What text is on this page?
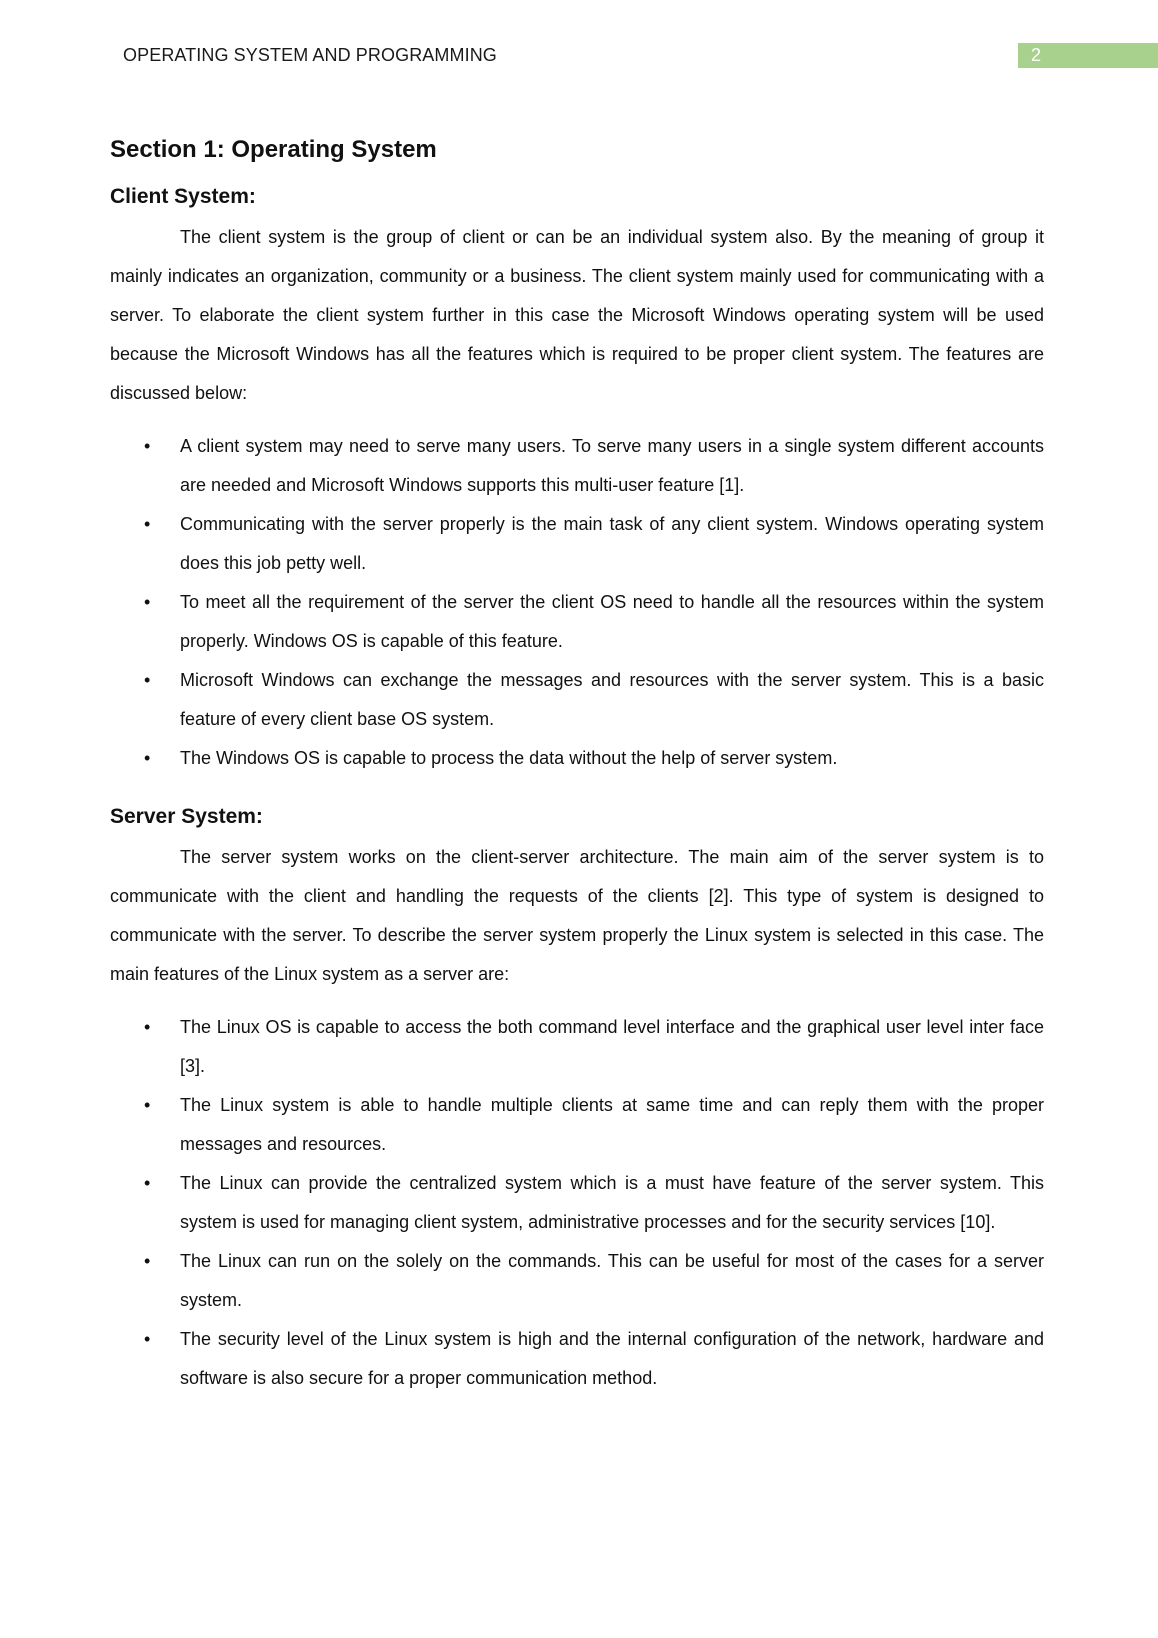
OPERATING SYSTEM AND PROGRAMMING	2
Section 1: Operating System
Client System:

The client system is the group of client or can be an individual system also. By the meaning of group it mainly indicates an organization, community or a business. The client system mainly used for communicating with a server. To elaborate the client system further in this case the Microsoft Windows operating system will be used because the Microsoft Windows has all the features which is required to be proper client system. The features are discussed below:

• A client system may need to serve many users. To serve many users in a single system different accounts are needed and Microsoft Windows supports this multi-user feature [1].
• Communicating with the server properly is the main task of any client system. Windows operating system does this job petty well.
• To meet all the requirement of the server the client OS need to handle all the resources within the system properly. Windows OS is capable of this feature.
• Microsoft Windows can exchange the messages and resources with the server system. This is a basic feature of every client base OS system.
• The Windows OS is capable to process the data without the help of server system.
Server System:

The server system works on the client-server architecture. The main aim of the server system is to communicate with the client and handling the requests of the clients [2]. This type of system is designed to communicate with the server. To describe the server system properly the Linux system is selected in this case. The main features of the Linux system as a server are:

• The Linux OS is capable to access the both command level interface and the graphical user level inter face [3].
• The Linux system is able to handle multiple clients at same time and can reply them with the proper messages and resources.
• The Linux can provide the centralized system which is a must have feature of the server system. This system is used for managing client system, administrative processes and for the security services [10].
• The Linux can run on the solely on the commands. This can be useful for most of the cases for a server system.
• The security level of the Linux system is high and the internal configuration of the network, hardware and software is also secure for a proper communication method.
